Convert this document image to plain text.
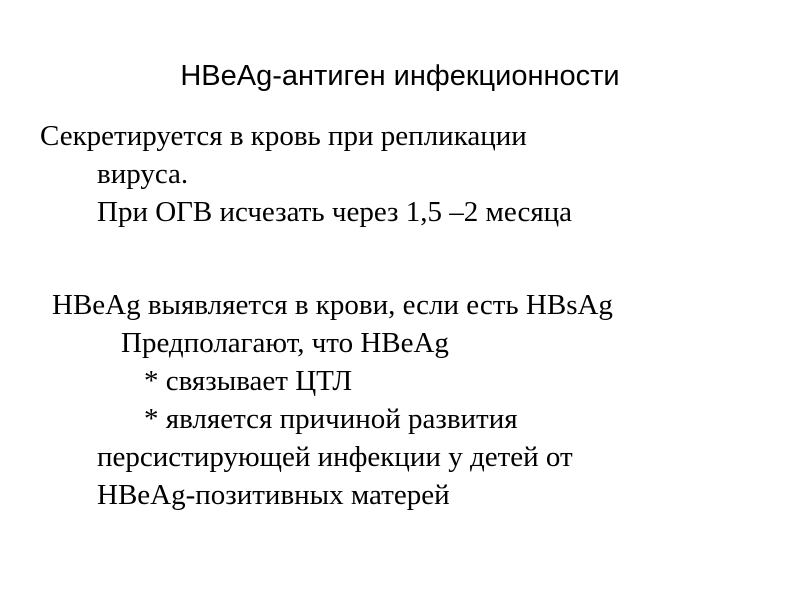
HBeAg-антиген инфекционности
Секретируется в кровь при репликации
вируса.
При ОГВ исчезать через 1,5 –2 месяца
HBeAg выявляется в крови, если есть HBsAg
Предполагают, что HBeAg
* связывает ЦТЛ
* является причиной развития
персистирующей инфекции у детей от
HBeAg-позитивных матерей
